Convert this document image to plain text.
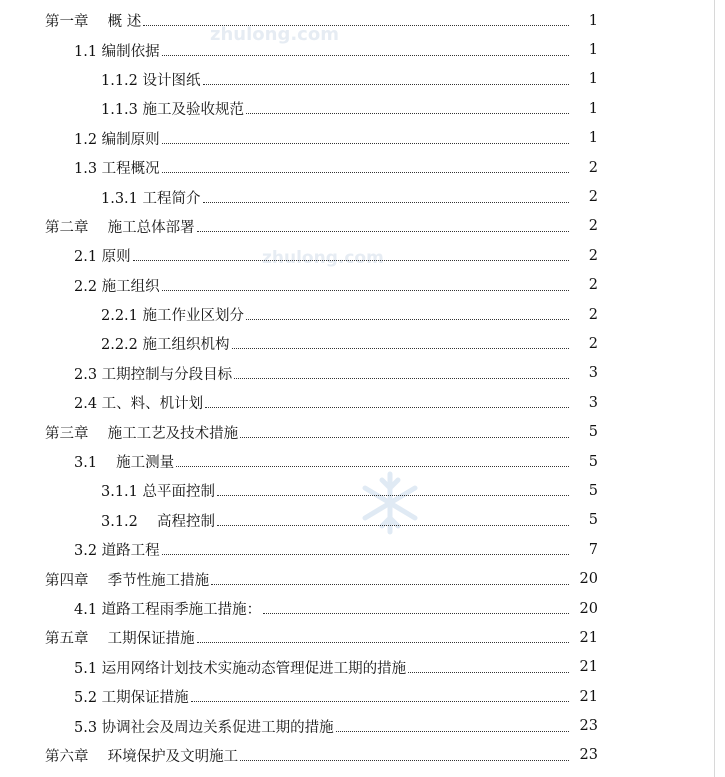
zhulong.com
zhulong.com
第一章　 概 述	1
1.1 编制依据	1
1.1.2 设计图纸	1
1.1.3 施工及验收规范	1
1.2 编制原则	1
1.3 工程概况	2
1.3.1 工程简介	2
第二章　 施工总体部署	2
2.1 原则	2
2.2 施工组织	2
2.2.1 施工作业区划分	2
2.2.2 施工组织机构	2
2.3 工期控制与分段目标	3
2.4 工、料、机计划	3
第三章　 施工工艺及技术措施	5
3.1　 施工测量	5
3.1.1 总平面控制	5
3.1.2　 高程控制	5
3.2 道路工程	7
第四章　 季节性施工措施	20
4.1 道路工程雨季施工措施：	20
第五章　 工期保证措施	21
5.1 运用网络计划技术实施动态管理促进工期的措施	21
5.2 工期保证措施	21
5.3 协调社会及周边关系促进工期的措施	23
第六章　 环境保护及文明施工	23
